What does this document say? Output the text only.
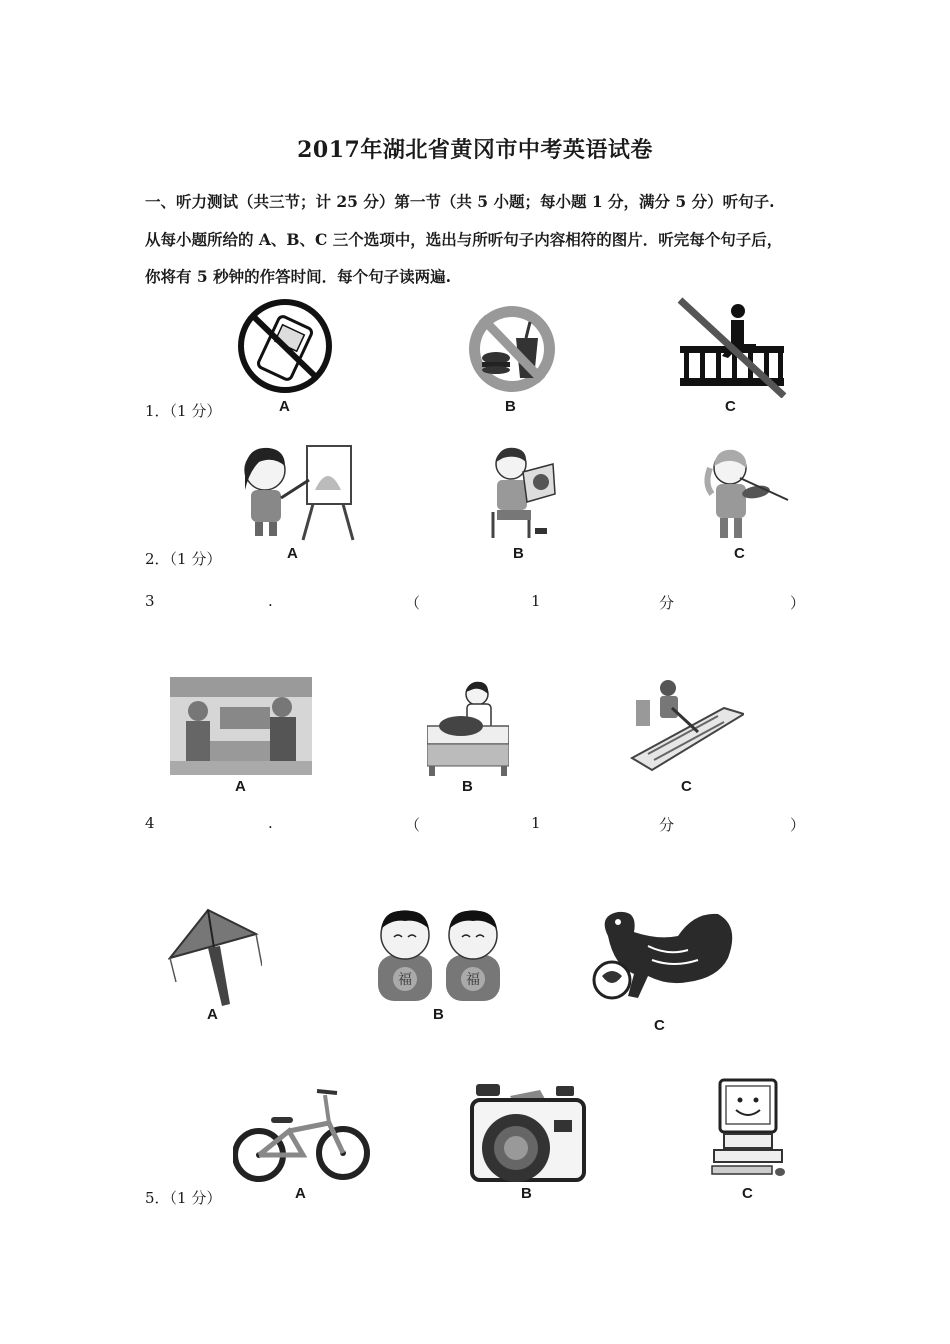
2017年湖北省黄冈市中考英语试卷
一、听力测试（共三节；计 25 分）第一节（共 5 小题；每小题 1 分，满分 5 分）听句子.
从每小题所给的 A、B、C 三个选项中，选出与所听句子内容相符的图片．听完每个句子后，
你将有 5 秒钟的作答时间．每个句子读两遍.
1．（1 分）	A	B	C
2．（1 分）	A	B	C
3	.	（	1	分	）
A	B	C
4	.	（	1	分	）
A
福	福
B
C
5．（1 分）	A	B	C
